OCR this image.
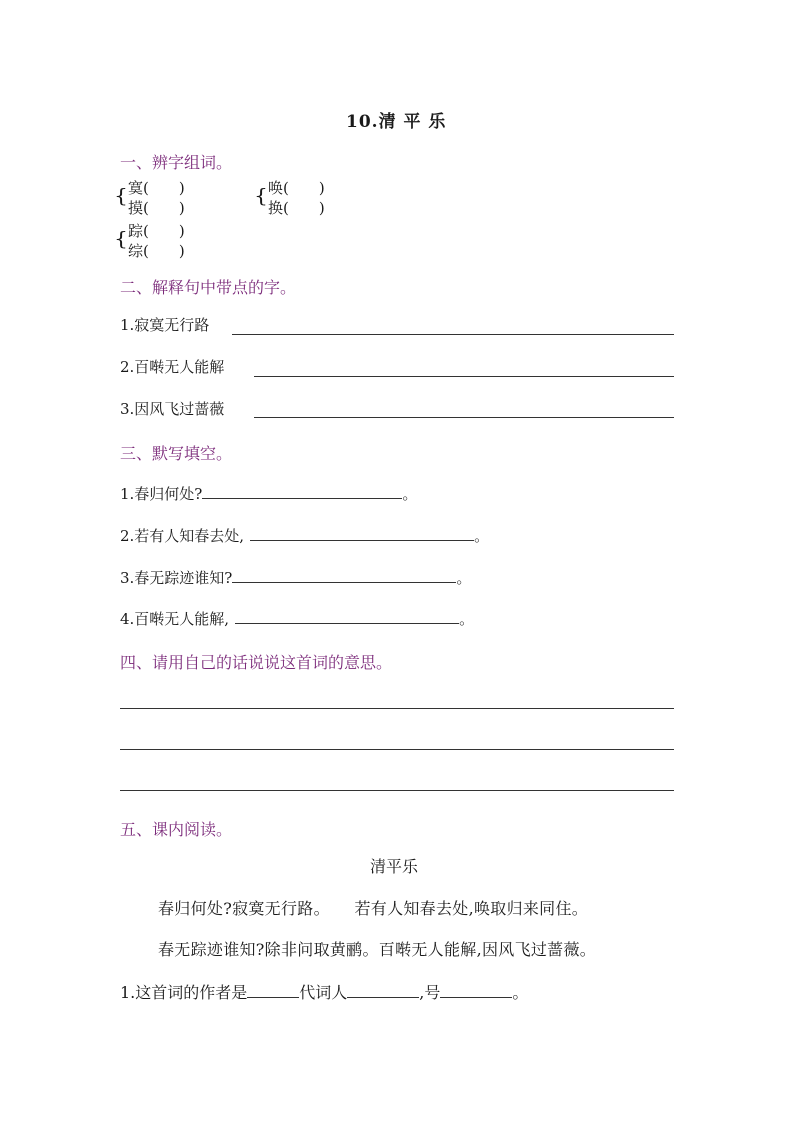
10.清 平 乐
一、辨字组词。
{ 寞(　　)
摸(　　)
{ 唤(　　)
换(　　)
{ 踪(　　)
综(　　)
二、解释句中带点的字。
1.寂寞无行路
2.百啭无人能解
3.因风飞过蔷薇
三、默写填空。
1.春归何处?	。
2.若有人知春去处,	。
3.春无踪迹谁知?	。
4.百啭无人能解,	。
四、请用自己的话说说这首词的意思。
五、课内阅读。
清平乐
春归何处?寂寞无行路。　　若有人知春去处,唤取归来同住。
春无踪迹谁知?除非问取黄鹂。百啭无人能解,因风飞过蔷薇。
1.这首词的作者是	代词人	,号	。
